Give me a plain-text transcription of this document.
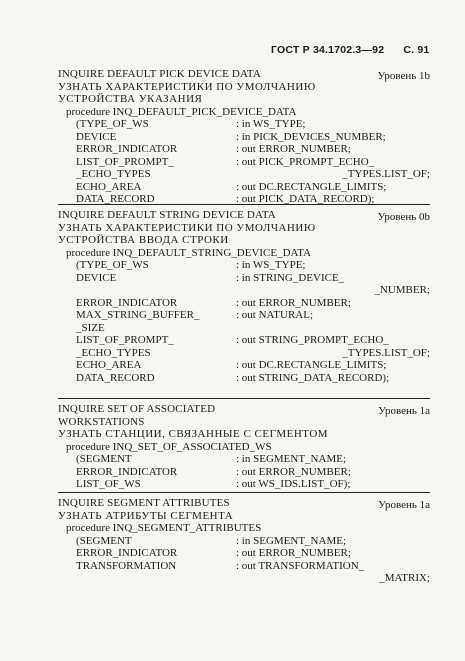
ГОСТ Р 34.1702.3—92 С. 91
INQUIRE DEFAULT PICK DEVICE DATA	Уровень 1b
УЗНАТЬ ХАРАКТЕРИСТИКИ ПО УМОЛЧАНИЮ УСТРОЙСТВА УКАЗАНИЯ
procedure INQ_DEFAULT_PICK_DEVICE_DATA
(TYPE_OF_WS	: in WS_TYPE;
DEVICE	: in PICK_DEVICES_NUMBER;
ERROR_INDICATOR	: out ERROR_NUMBER;
LIST_OF_PROMPT_	: out PICK_PROMPT_ECHO_
_ECHO_TYPES	_TYPES.LIST_OF;
ECHO_AREA	: out DC.RECTANGLE_LIMITS;
DATA_RECORD	: out PICK_DATA_RECORD);
INQUIRE DEFAULT STRING DEVICE DATA	Уровень 0b
УЗНАТЬ ХАРАКТЕРИСТИКИ ПО УМОЛЧАНИЮ УСТРОЙСТВА ВВОДА СТРОКИ
procedure INQ_DEFAULT_STRING_DEVICE_DATA
(TYPE_OF_WS	: in WS_TYPE;
DEVICE	: in STRING_DEVICE_
_NUMBER;
ERROR_INDICATOR	: out ERROR_NUMBER;
MAX_STRING_BUFFER_	: out NATURAL;
_SIZE
LIST_OF_PROMPT_	: out STRING_PROMPT_ECHO_
_ECHO_TYPES	_TYPES.LIST_OF;
ECHO_AREA	: out DC.RECTANGLE_LIMITS;
DATA_RECORD	: out STRING_DATA_RECORD);
INQUIRE SET OF ASSOCIATED WORKSTATIONS
Уровень 1a
УЗНАТЬ СТАНЦИИ, СВЯЗАННЫЕ С СЕГМЕНТОМ
procedure INQ_SET_OF_ASSOCIATED_WS
(SEGMENT	: in SEGMENT_NAME;
ERROR_INDICATOR	: out ERROR_NUMBER;
LIST_OF_WS	: out WS_IDS.LIST_OF);
INQUIRE SEGMENT ATTRIBUTES	Уровень 1a
УЗНАТЬ АТРИБУТЫ СЕГМЕНТА
procedure INQ_SEGMENT_ATTRIBUTES
(SEGMENT	: in SEGMENT_NAME;
ERROR_INDICATOR	: out ERROR_NUMBER;
TRANSFORMATION	: out TRANSFORMATION_
_MATRIX;
